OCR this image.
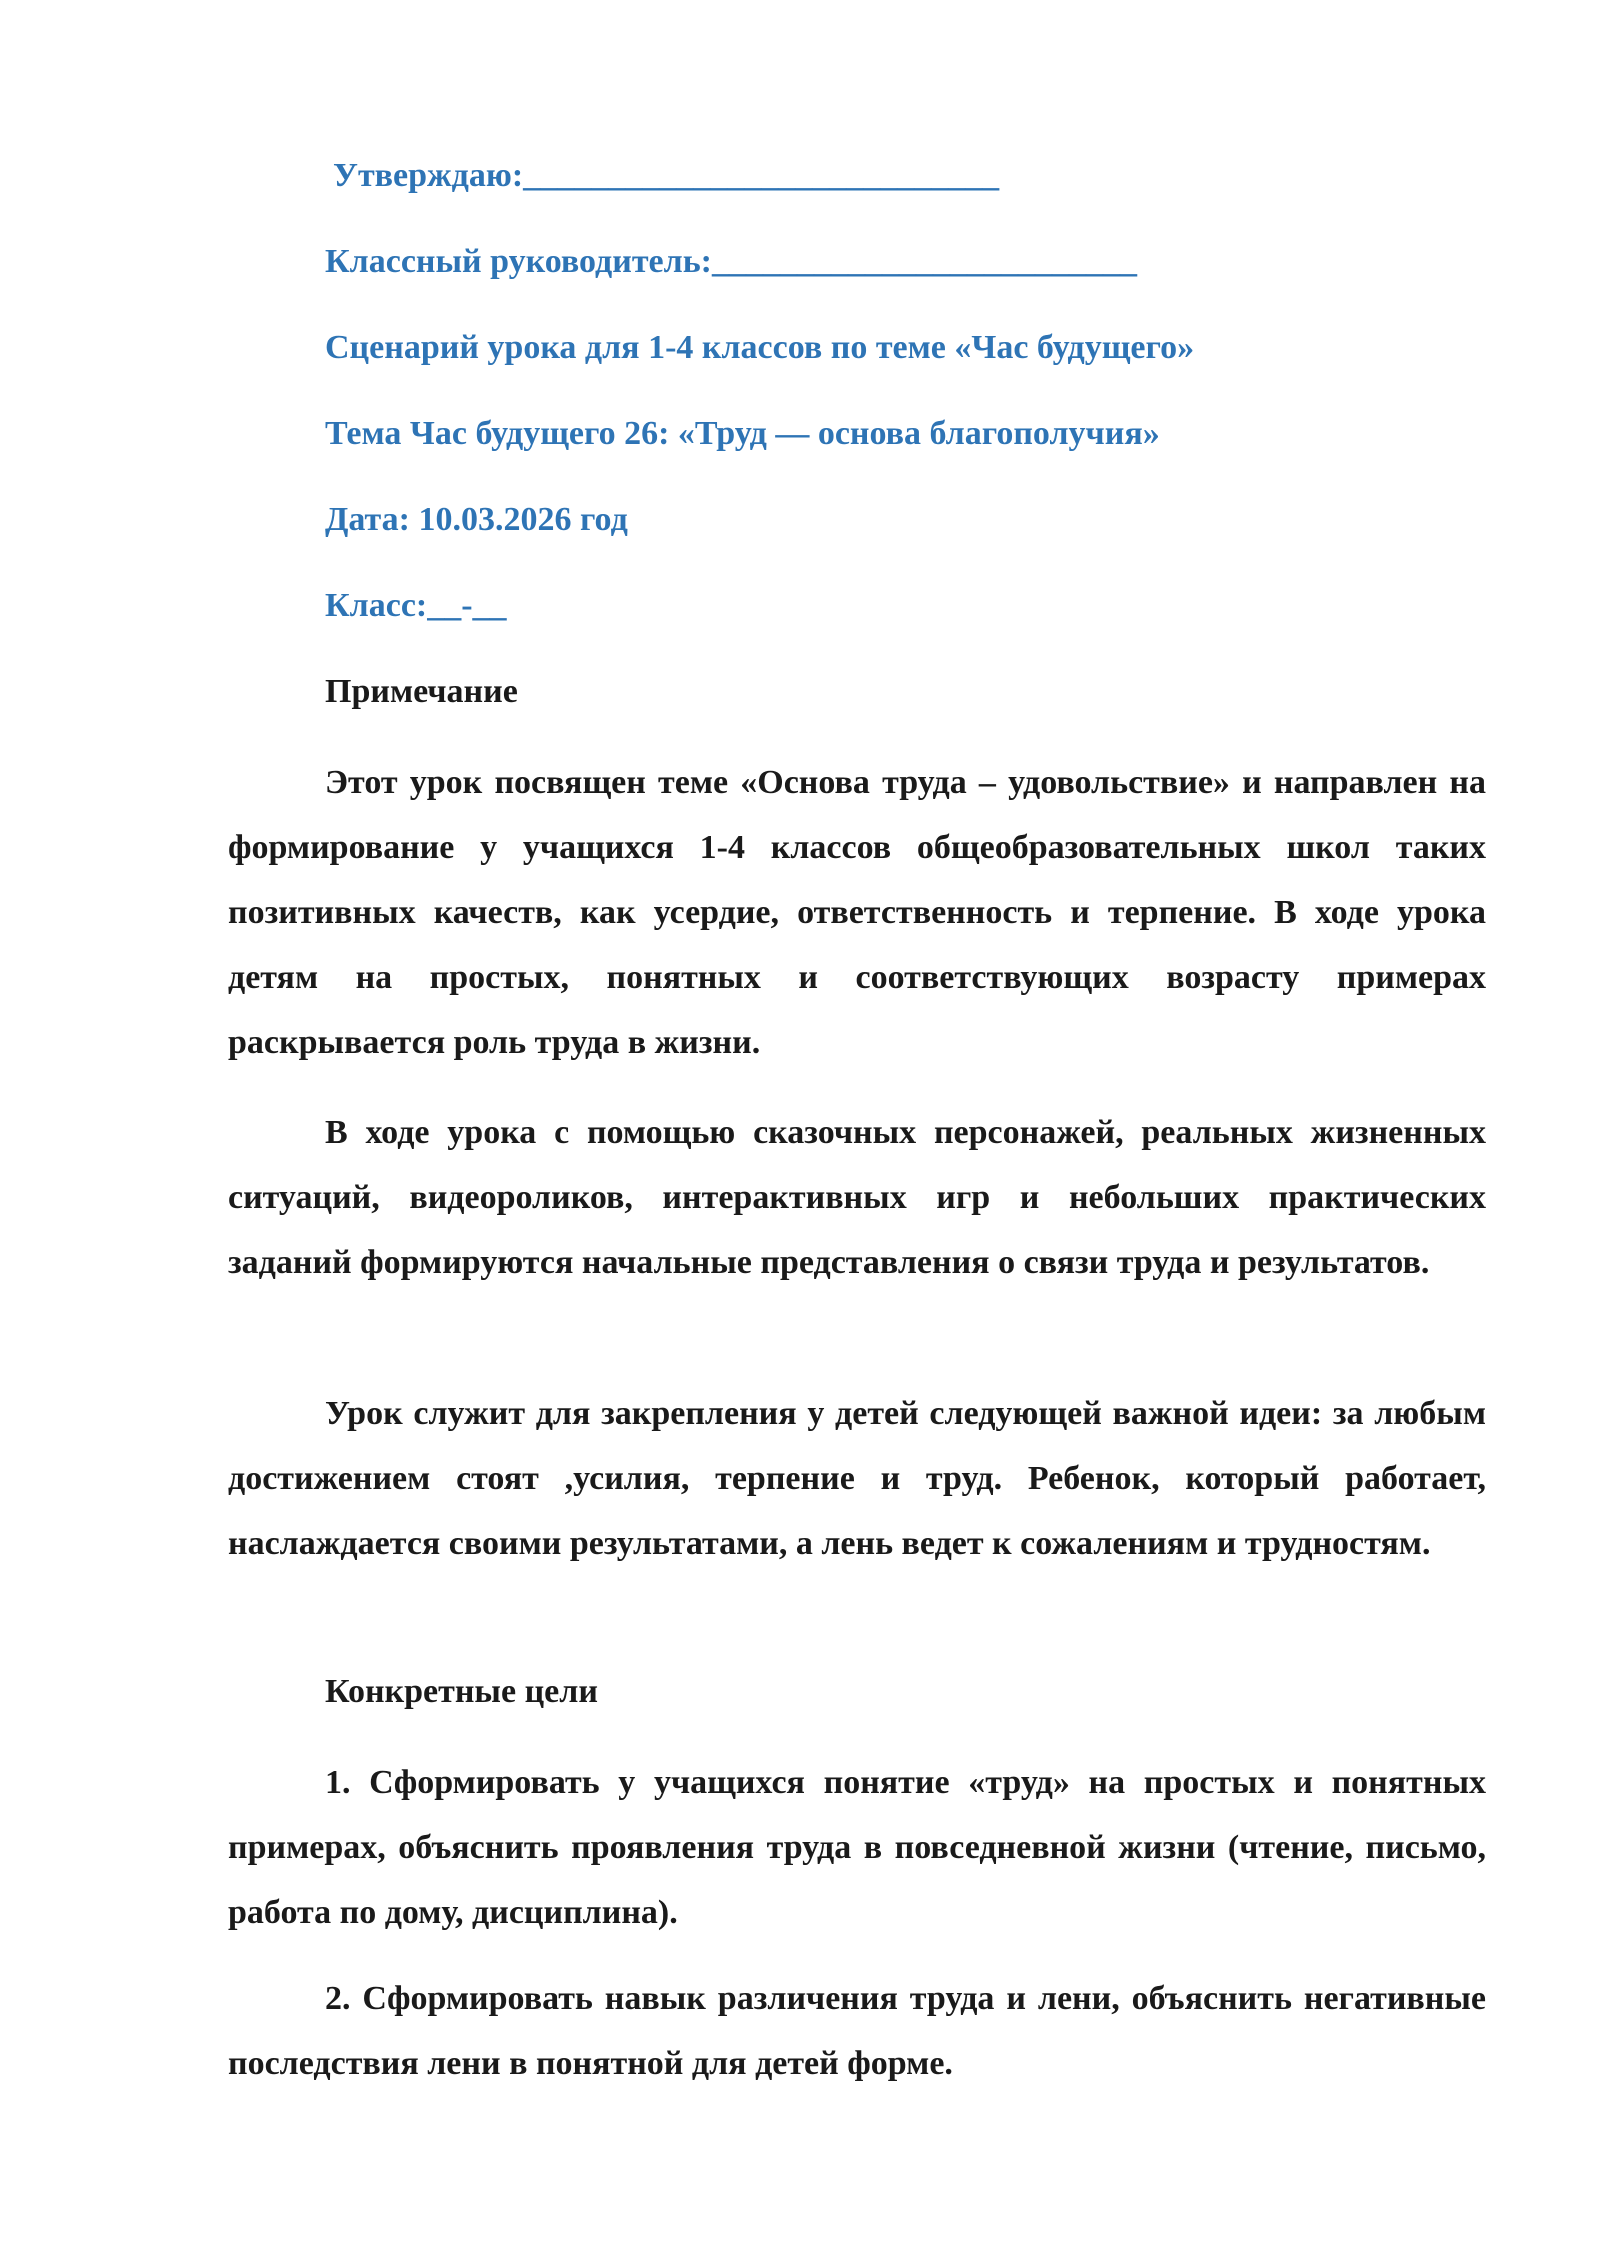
Утверждаю:____________________________
Классный руководитель:_________________________
Сценарий урока для 1-4 классов по теме «Час будущего»
Тема Час будущего 26: «Труд — основа благополучия»
Дата: 10.03.2026 год
Класс:__-__
Примечание

Этот урок посвящен теме «Основа труда – удовольствие» и направлен на формирование у учащихся 1-4 классов общеобразовательных школ таких позитивных качеств, как усердие, ответственность и терпение. В ходе урока детям на простых, понятных и соответствующих возрасту примерах раскрывается роль труда в жизни.

В ходе урока с помощью сказочных персонажей, реальных жизненных ситуаций, видеороликов, интерактивных игр и небольших практических заданий формируются начальные представления о связи труда и результатов.

Урок служит для закрепления у детей следующей важной идеи: за любым достижением стоят ,усилия, терпение и труд. Ребенок, который работает, наслаждается своими результатами, а лень ведет к сожалениям и трудностям.

Конкретные цели

1. Сформировать у учащихся понятие «труд» на простых и понятных примерах, объяснить проявления труда в повседневной жизни (чтение, письмо, работа по дому, дисциплина).

2. Сформировать навык различения труда и лени, объяснить негативные последствия лени в понятной для детей форме.
